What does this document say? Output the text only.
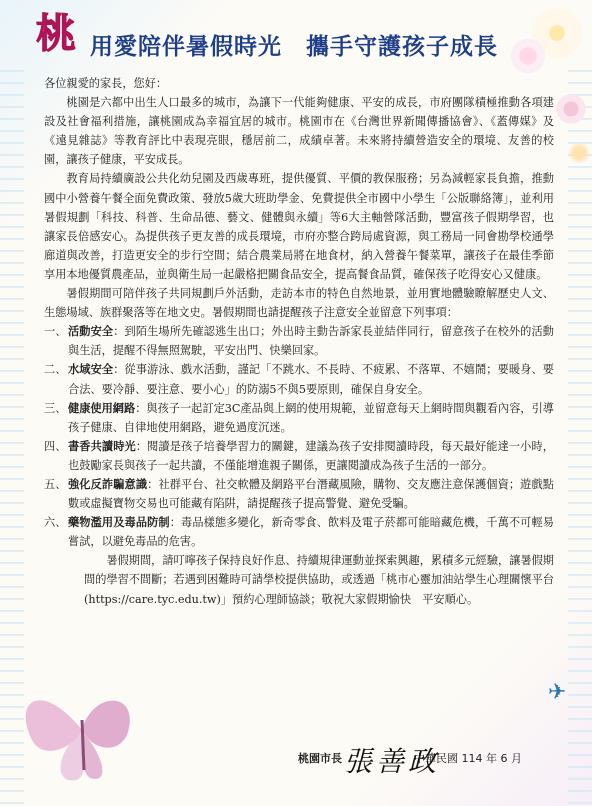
桃 用愛陪伴暑假時光　攜手守護孩子成長

各位親愛的家長，您好：

桃園是六都中出生人口最多的城市，為讓下一代能夠健康、平安的成長，市府團隊積極推動各項建設及社會福利措施，讓桃園成為幸福宜居的城市。桃園市在《台灣世界新聞傳播協會》、《蓋傳媒》及《遠見雜誌》等教育評比中表現亮眼，穩居前二，成績卓著。未來將持續營造安全的環境、友善的校園，讓孩子健康，平安成長。

教育局持續廣設公共化幼兒園及西歲專班，提供優質、平價的教保服務；另為減輕家長負擔，推動國中小營養午餐全面免費政策、發放5歲大班助學金、免費提供全市國中小學生「公版聯絡簿」，並利用暑假規劃「科技、科普、生命品德、藝文、健體與永續」等6大主軸營隊活動，豐富孩子假期學習，也讓家長倍感安心。為提供孩子更友善的成長環境，市府亦整合跨局處資源，與工務局一同會勘學校通學廊道與改善，打造更安全的步行空間；結合農業局將在地食材，納入營養午餐菜單，讓孩子在最佳季節享用本地優質農產品，並與衛生局一起嚴格把關食品安全，提高餐食品質，確保孩子吃得安心又健康。

暑假期間可陪伴孩子共同規劃戶外活動，走訪本市的特色自然地景，並用實地體驗瞭解歷史人文、生態場域、族群聚落等在地文史。暑假期間也請提醒孩子注意安全並留意下列事項：

一、 活動安全：到陌生場所先確認逃生出口；外出時主動告訴家長並結伴同行，留意孩子在校外的活動與生活，提醒不得無照駕駛，平安出門、快樂回家。
二、 水域安全：從事游泳、戲水活動，謹記「不跳水、不長時、不疲累、不落單、不嬉鬧；要暖身、要合法、要冷靜、要注意、要小心」的防溺5不與5要原則，確保自身安全。
三、 健康使用網路：與孩子一起訂定3C產品與上網的使用規範，並留意每天上網時間與觀看內容，引導孩子健康、自律地使用網路，避免過度沉迷。
四、 書香共讀時光：閱讀是孩子培養學習力的關鍵，建議為孩子安排閱讀時段，每天最好能達一小時，也鼓勵家長與孩子一起共讀，不僅能增進親子關係，更讓閱讀成為孩子生活的一部分。
五、 強化反詐騙意識：社群平台、社交軟體及網路平台潛藏風險，購物、交友應注意保護個資；遊戲點數或虛擬寶物交易也可能藏有陷阱，請提醒孩子提高警覺、避免受騙。
六、 藥物濫用及毒品防制：毒品樣態多變化，新奇零食、飲料及電子菸都可能暗藏危機，千萬不可輕易嘗試，以避免毒品的危害。

暑假期間，請叮嚀孩子保持良好作息、持續規律運動並探索興趣，累積多元經驗，讓暑假期間的學習不間斷；若遇到困難時可請學校提供協助，或透過「桃市心靈加油站學生心理關懷平台(https://care.tyc.edu.tw)」預約心理師協談；敬祝大家假期愉快　平安順心。

✈
桃園市長 張善政
中華民國 114 年 6 月
